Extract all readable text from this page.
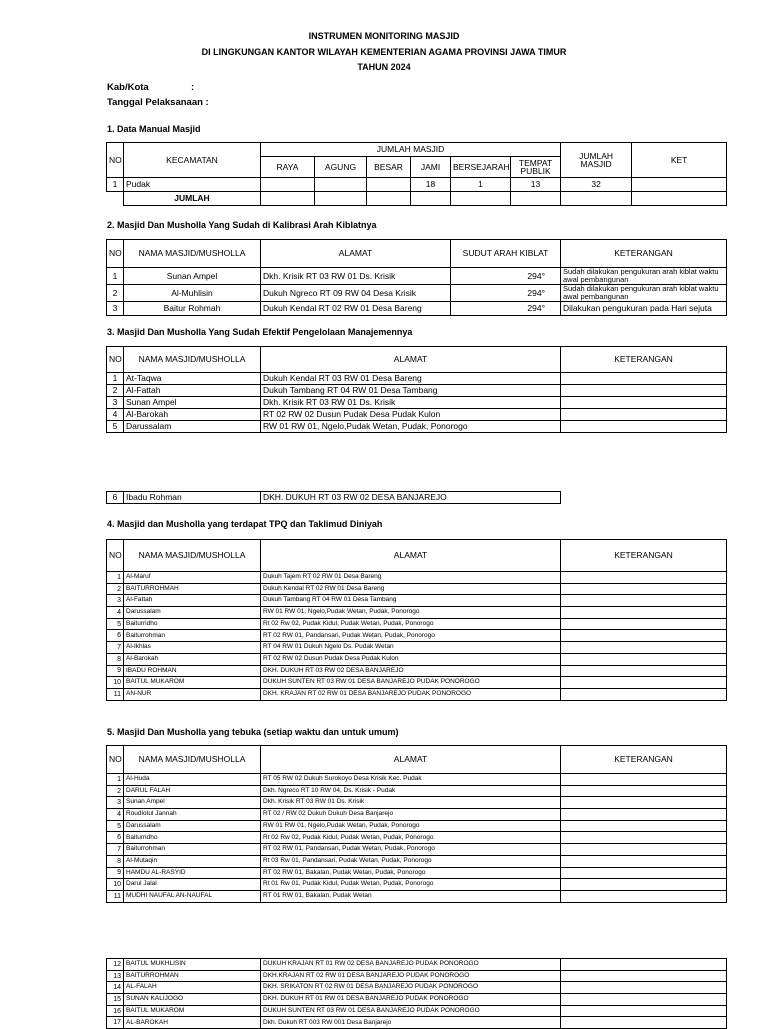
INSTRUMEN MONITORING MASJID
DI LINGKUNGAN KANTOR WILAYAH KEMENTERIAN AGAMA PROVINSI JAWA TIMUR
TAHUN 2024
Kab/Kota	:
Tanggal Pelaksanaan :
1. Data Manual Masjid
NO	KECAMATAN	JUMLAH MASJID						JUMLAH MASJID	KET
		RAYA	AGUNG	BESAR	JAMI	BERSEJARAH	TEMPAT PUBLIK		
1	Pudak				18	1	13	32	
	JUMLAH								
2. Masjid Dan Musholla Yang Sudah di Kalibrasi Arah Kiblatnya
NO	NAMA MASJID/MUSHOLLA	ALAMAT	SUDUT ARAH KIBLAT	KETERANGAN
1	Sunan Ampel	Dkh. Krisik RT 03 RW 01 Ds. Krisik	294°	Sudah dilakukan pengukuran arah kiblat waktu awal pembangunan
2	Al-Muhlisin	Dukuh Ngreco RT 09 RW 04 Desa Krisik	294°	Sudah dilakukan pengukuran arah kiblat waktu awal pembangunan
3	Baitur Rohmah	Dukuh Kendal RT 02 RW 01 Desa Bareng	294°	Dilakukan pengukuran pada Hari sejuta
3. Masjid Dan Musholla Yang Sudah Efektif Pengelolaan Manajemennya
NO	NAMA MASJID/MUSHOLLA	ALAMAT	KETERANGAN
1	At-Taqwa	Dukuh Kendal RT 03 RW 01 Desa Bareng	
2	Al-Fattah	Dukuh Tambang RT 04 RW 01 Desa Tambang	
3	Sunan Ampel	Dkh. Krisik RT 03 RW 01 Ds. Krisik	
4	Al-Barokah	RT 02 RW 02 Dusun Pudak Desa Pudak Kulon	
5	Darussalam	RW 01 RW 01, Ngelo,Pudak Wetan, Pudak, Ponorogo	
6	Ibadu Rohman	DKH. DUKUH RT 03 RW 02 DESA BANJAREJO
4. Masjid dan Musholla yang terdapat TPQ dan Taklimud Diniyah
NO	NAMA MASJID/MUSHOLLA	ALAMAT	KETERANGAN
1	Al-Maruf	Dukuh Tajem RT 02 RW 01 Desa Bareng	
2	BAITURROHMAH	Dukuh Kendal RT 02 RW 01 Desa Bareng	
3	Al-Fattah	Dukuh Tambang RT 04 RW 01 Desa Tambang	
4	Darussalam	RW 01 RW 01, Ngelo,Pudak Wetan, Pudak, Ponorogo	
5	Baiturridho	Rt 02 Rw 02, Pudak Kidul, Pudak Wetan, Pudak, Ponorogo	
6	Baiturrohman	RT 02 RW 01, Pandansari, Pudak Wetan, Pudak, Ponorogo	
7	Al-Ikhlas	RT 04 RW 01 Dukuh Ngelo Ds. Pudak Wetan	
8	Al-Barokah	RT 02 RW 02 Dusun Pudak Desa Pudak Kulon	
9	IBADU ROHMAN	DKH. DUKUH RT 03 RW 02 DESA BANJAREJO	
10	BAITUL MUKAROM	DUKUH SUNTEN RT 03 RW 01 DESA BANJAREJO PUDAK PONOROGO	
11	AN-NUR	DKH. KRAJAN RT 02 RW 01 DESA BANJAREJO PUDAK PONOROGO	
5. Masjid Dan Musholla yang tebuka (setiap waktu dan untuk umum)
NO	NAMA MASJID/MUSHOLLA	ALAMAT	KETERANGAN
1	Al-Huda	RT 05 RW 02 Dukuh Surokoyo Desa Krisik Kec. Pudak	
2	DARUL FALAH	Dkh. Ngreco RT 10 RW 04, Ds. Krisik - Pudak	
3	Sunan Ampel	Dkh. Krisik RT 03 RW 01 Ds. Krisik	
4	Roudlotul Jannah	RT 02 / RW 02 Dukuh Dukuh Desa Banjarejo	
5	Darussalam	RW 01 RW 01, Ngelo,Pudak Wetan, Pudak, Ponorogo	
6	Baiturridho	Rt 02 Rw 02, Pudak Kidul, Pudak Wetan, Pudak, Ponorogo	
7	Baiturrohman	RT 02 RW 01, Pandansari, Pudak Wetan, Pudak, Ponorogo	
8	Al-Mutaqin	Rt 03 Rw 01, Pandansari, Pudak Wetan, Pudak, Ponorogo	
9	HAMDU AL-RASYID	RT 02 RW 01, Bakalan, Pudak Wetan, Pudak, Ponorogo	
10	Darul Jalal	Rt 01 Rw 01, Pudak Kidul, Pudak Wetan, Pudak, Ponorogo	
11	MUDHI NAUFAL AN-NAUFAL	RT 01 RW 01, Bakalan, Pudak Wetan	
12	BAITUL MUKHLISIN	DUKUH KRAJAN RT 01 RW 02 DESA BANJAREJO PUDAK PONOROGO	
13	BAITURROHMAN	DKH.KRAJAN RT 02 RW 01 DESA BANJAREJO PUDAK PONOROGO	
14	AL-FALAH	DKH. SRIKATON RT 02 RW 01 DESA BANJAREJO PUDAK PONOROGO	
15	SUNAN KALIJOGO	DKH. DUKUH RT 01 RW 01 DESA BANJAREJO PUDAK PONOROGO	
16	BAITUL MUKAROM	DUKUH SUNTEN RT 03 RW 01 DESA BANJAREJO PUDAK PONOROGO	
17	AL-BAROKAH	Dkh. Dukuh RT 003 RW 001 Desa Banjarejo	
